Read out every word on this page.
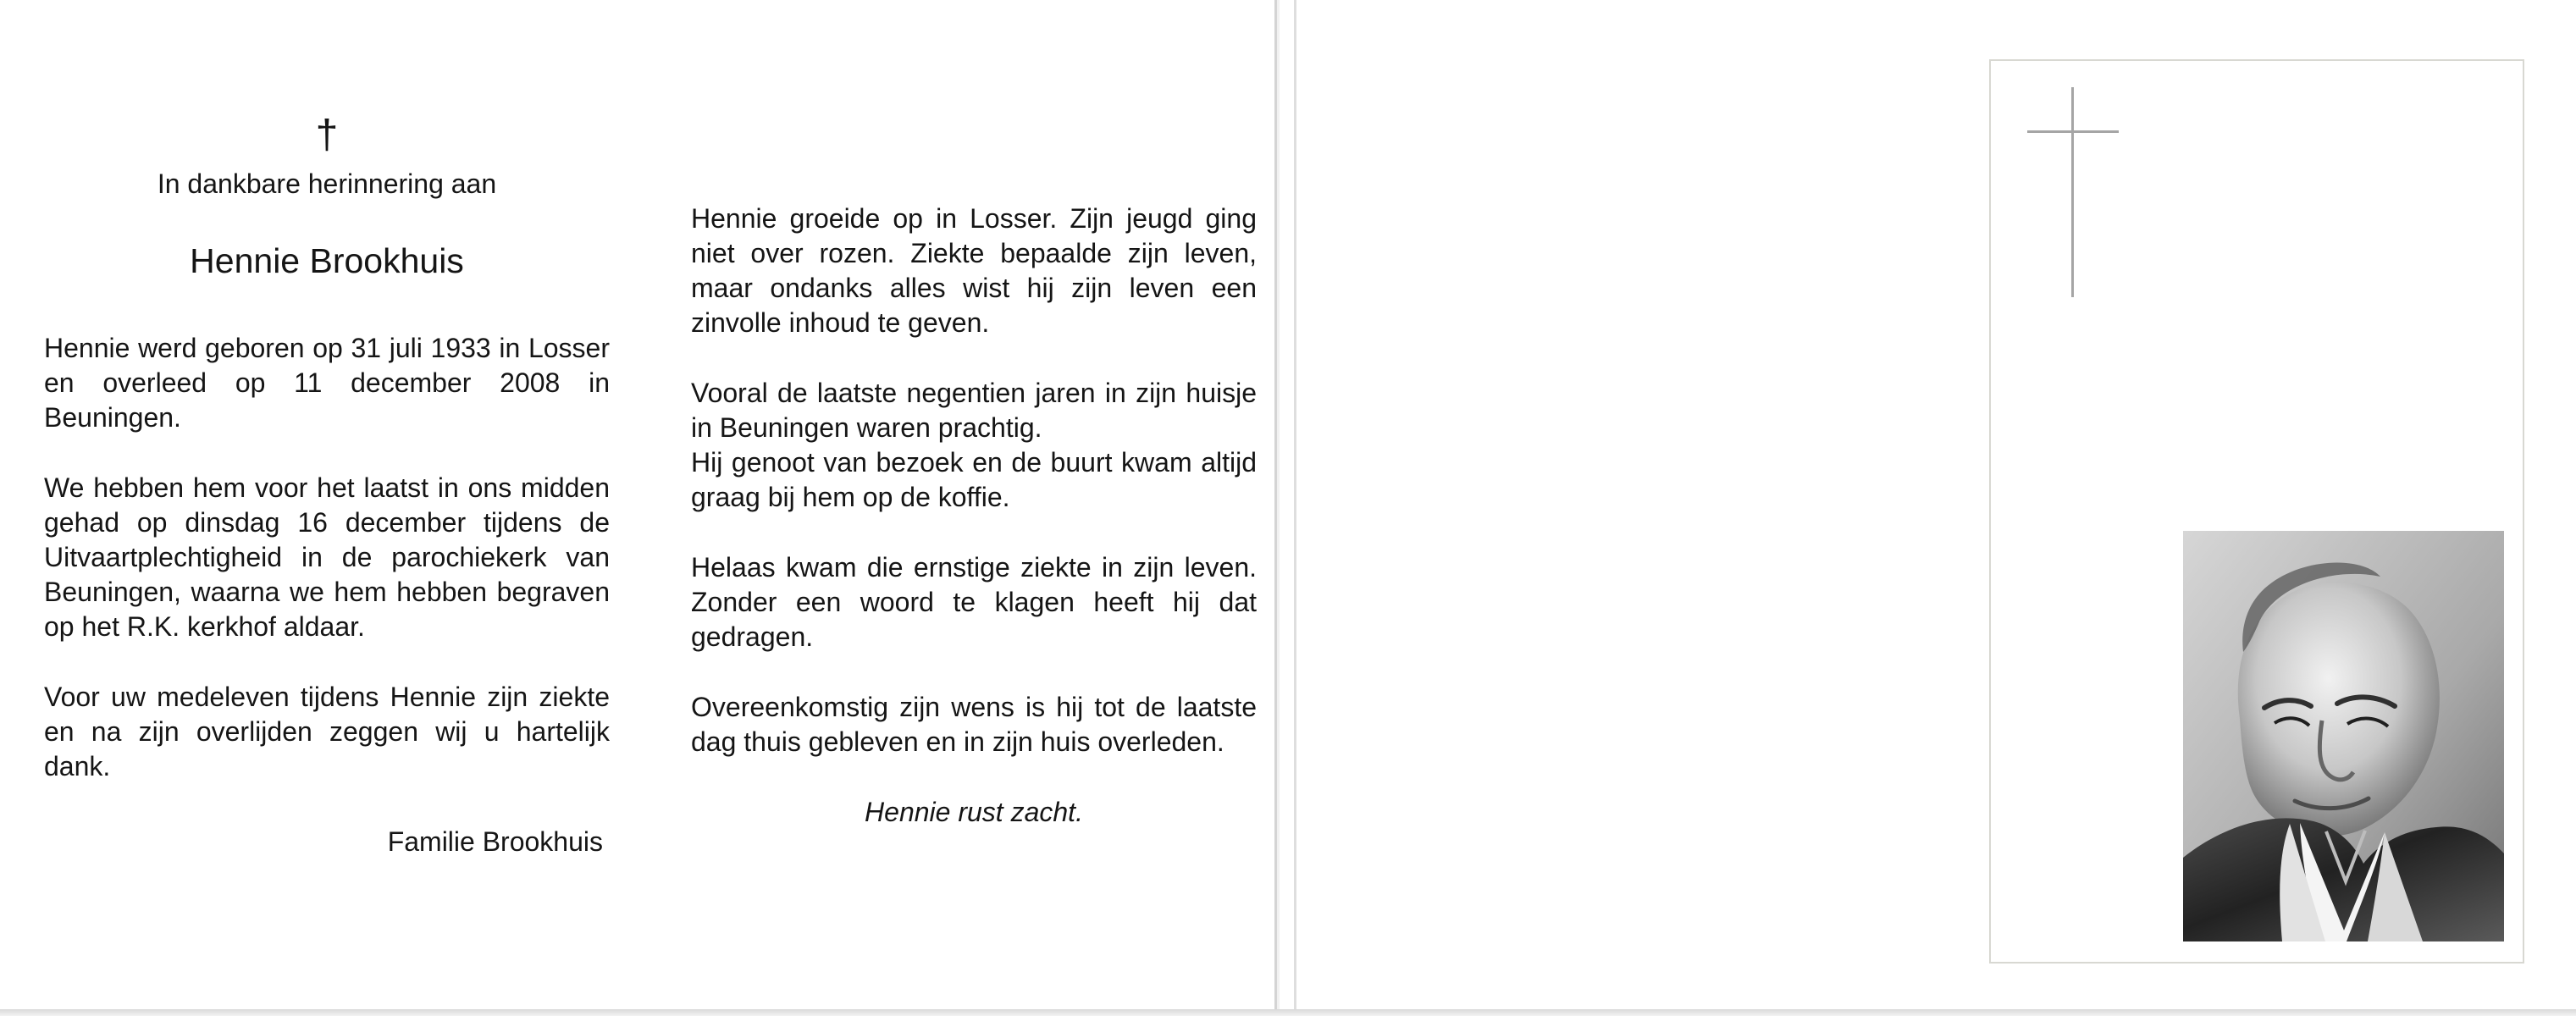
†
In dankbare herinnering aan
Hennie Brookhuis

Hennie werd geboren op 31 juli 1933 in Losser en overleed op 11 december 2008 in Beuningen.

We hebben hem voor het laatst in ons midden gehad op dinsdag 16 december tijdens de Uitvaartplechtigheid in de parochiekerk van Beuningen, waarna we hem hebben begraven op het R.K. kerkhof aldaar.

Voor uw medeleven tijdens Hennie zijn ziekte en na zijn overlijden zeggen wij u hartelijk dank.

Familie Brookhuis

Hennie groeide op in Losser. Zijn jeugd ging niet over rozen. Ziekte bepaalde zijn leven, maar ondanks alles wist hij zijn leven een zinvolle inhoud te geven.

Vooral de laatste negentien jaren in zijn huisje in Beuningen waren prachtig.
Hij genoot van bezoek en de buurt kwam altijd graag bij hem op de koffie.

Helaas kwam die ernstige ziekte in zijn leven. Zonder een woord te klagen heeft hij dat gedragen.

Overeenkomstig zijn wens is hij tot de laatste dag thuis gebleven en in zijn huis overleden.

Hennie rust zacht.
